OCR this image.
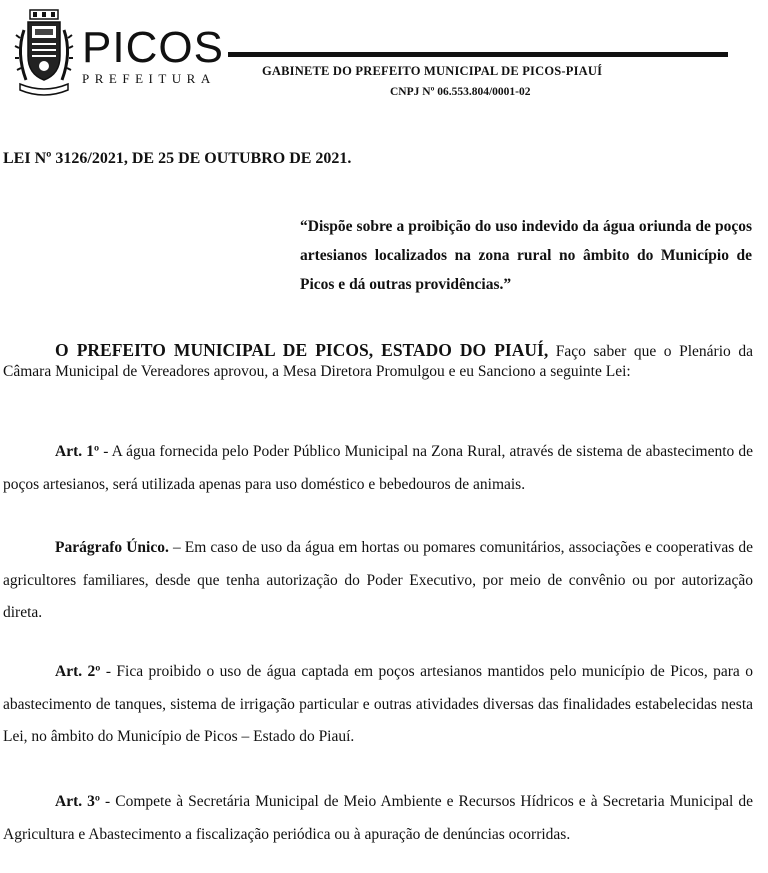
PICOS
PREFEITURA	GABINETE DO PREFEITO MUNICIPAL DE PICOS-PIAUÍ
CNPJ Nº 06.553.804/0001-02
LEI Nº 3126/2021, DE 25 DE OUTUBRO DE 2021.
“Dispõe sobre a proibição do uso indevido da água oriunda de poços artesianos localizados na zona rural no âmbito do Município de Picos e dá outras providências.”
O PREFEITO MUNICIPAL DE PICOS, ESTADO DO PIAUÍ, Faço saber que o Plenário da Câmara Municipal de Vereadores aprovou, a Mesa Diretora Promulgou e eu Sanciono a seguinte Lei:
Art. 1º - A água fornecida pelo Poder Público Municipal na Zona Rural, através de sistema de abastecimento de poços artesianos, será utilizada apenas para uso doméstico e bebedouros de animais.
Parágrafo Único. – Em caso de uso da água em hortas ou pomares comunitários, associações e cooperativas de agricultores familiares, desde que tenha autorização do Poder Executivo, por meio de convênio ou por autorização direta.
Art. 2º - Fica proibido o uso de água captada em poços artesianos mantidos pelo município de Picos, para o abastecimento de tanques, sistema de irrigação particular e outras atividades diversas das finalidades estabelecidas nesta Lei, no âmbito do Município de Picos – Estado do Piauí.
Art. 3º - Compete à Secretária Municipal de Meio Ambiente e Recursos Hídricos e à Secretaria Municipal de Agricultura e Abastecimento a fiscalização periódica ou à apuração de denúncias ocorridas.
